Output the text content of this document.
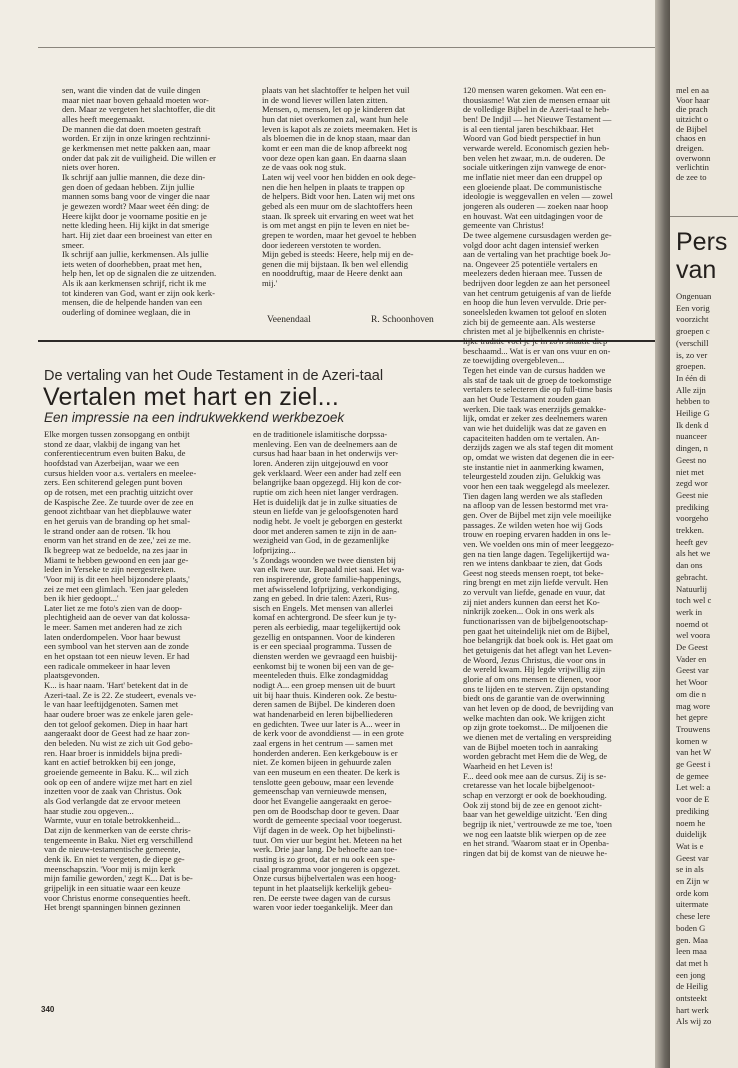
sen, want die vinden dat de vuile dingen

maar niet naar boven gehaald moeten wor-

den. Maar ze vergeten het slachtoffer, die dit

alles heeft meegemaakt.

De mannen die dat doen moeten gestraft

worden. Er zijn in onze kringen rechtzinni-

ge kerkmensen met nette pakken aan, maar

onder dat pak zit de vuiligheid. Die willen er

niets over horen.

Ik schrijf aan jullie mannen, die deze din-

gen doen of gedaan hebben. Zijn jullie

mannen soms bang voor de vinger die naar

je gewezen wordt? Maar weet één ding: de

Heere kijkt door je voorname positie en je

nette kleding heen. Hij kijkt in dat smerige

hart. Hij ziet daar een broeinest van etter en

smeer.

Ik schrijf aan jullie, kerkmensen. Als jullie

iets weten of doorhebben, praat met hen,

help hen, let op de signalen die ze uitzenden.

Als ik aan kerkmensen schrijf, richt ik me

tot kinderen van God, want er zijn ook kerk-

mensen, die de helpende handen van een

ouderling of dominee weglaan, die in

plaats van het slachtoffer te helpen het vuil

in de wond liever willen laten zitten.

Mensen, o, mensen, let op je kinderen dat

hun dat niet overkomen zal, want hun hele

leven is kapot als ze zoiets meemaken. Het is

als bloemen die in de knop staan, maar dan

komt er een man die de knop afbreekt nog

voor deze open kan gaan. En daarna slaan

ze de vaas ook nog stuk.

Laten wij veel voor hen bidden en ook dege-

nen die hen helpen in plaats te trappen op

de helpers. Bidt voor hen. Laten wij met ons

gebed als een muur om de slachtoffers heen

staan. Ik spreek uit ervaring en weet wat het

is om met angst en pijn te leven en niet be-

grepen te worden, maar het gevoel te hebben

door iedereen verstoten te worden.

Mijn gebed is steeds: Heere, help mij en de-

genen die mij bijstaan. Ik ben wel ellendig

en nooddruftig, maar de Heere denkt aan

mij.'

Veenendaal	R. Schoonhoven
De vertaling van het Oude Testament in de Azeri-taal
Vertalen met hart en ziel...
Een impressie na een indrukwekkend werkbezoek

Elke morgen tussen zonsopgang en ontbijt

stond ze daar, vlakbij de ingang van het

conferentiecentrum even buiten Baku, de

hoofdstad van Azerbeijan, waar we een

cursus hielden voor a.s. vertalers en meelee-

zers. Een schiterend gelegen punt boven

op de rotsen, met een prachtig uitzicht over

de Kaspische Zee. Ze tuurde over de zee en

genoot zichtbaar van het diepblauwe water

en het geruis van de branding op het smal-

le strand onder aan de rotsen. 'Ik hou

enorm van het strand en de zee,' zei ze me.

Ik begreep wat ze bedoelde, na zes jaar in

Miami te hebben gewoond en een jaar ge-

leden in Yerseke te zijn neergestreken.

'Voor mij is dit een heel bijzondere plaats,'

zei ze met een glimlach. 'Een jaar geleden

ben ik hier gedoopt...'

Later liet ze me foto's zien van de doop-

plechtigheid aan de oever van dat kolossa-

le meer. Samen met anderen had ze zich

laten onderdompelen. Voor haar bewust

een symbool van het sterven aan de zonde

en het opstaan tot een nieuw leven. Er had

een radicale ommekeer in haar leven

plaatsgevonden.

K... is haar naam. 'Hart' betekent dat in de

Azeri-taal. Ze is 22. Ze studeert, evenals ve-

le van haar leeftijdgenoten. Samen met

haar oudere broer was ze enkele jaren gele-

den tot geloof gekomen. Diep in haar hart

aangeraakt door de Geest had ze haar zon-

den beleden. Nu wist ze zich uit God gebo-

ren. Haar broer is inmiddels bijna predi-

kant en actief betrokken bij een jonge,

groeiende gemeente in Baku. K... wil zich

ook op een of andere wijze met hart en ziel

inzetten voor de zaak van Christus. Ook

als God verlangde dat ze ervoor meteen

haar studie zou opgeven...

Warmte, vuur en totale betrokkenheid...

Dat zijn de kenmerken van de eerste chris-

tengemeente in Baku. Niet erg verschillend

van de nieuw-testamentische gemeente,

denk ik. En niet te vergeten, de diepe ge-

meenschapszin. 'Voor mij is mijn kerk

mijn familie geworden,' zegt K... Dat is be-

grijpelijk in een situatie waar een keuze

voor Christus enorme consequenties heeft.

Het brengt spanningen binnen gezinnen

en de traditionele islamitische dorpssa-

menleving. Een van de deelnemers aan de

cursus had haar baan in het onderwijs ver-

loren. Anderen zijn uitgejouwd en voor

gek verklaard. Weer een ander had zelf een

belangrijke baan opgezegd. Hij kon de cor-

ruptie om zich heen niet langer verdragen.

Het is duidelijk dat je in zulke situaties de

steun en liefde van je geloofsgenoten hard

nodig hebt. Je voelt je geborgen en gesterkt

door met anderen samen te zijn in de aan-

wezigheid van God, in de gezamenlijke

lofprijzing...

's Zondags woonden we twee diensten bij

van elk twee uur. Bepaald niet saai. Het wa-

ren inspirerende, grote familie-happenings,

met afwisselend lofprijzing, verkondiging,

zang en gebed. In drie talen: Azeri, Rus-

sisch en Engels. Met mensen van allerlei

komaf en achtergrond. De sfeer kun je ty-

peren als eerbiedig, maar tegelijkertijd ook

gezellig en ontspannen. Voor de kinderen

is er een speciaal programma. Tussen de

diensten werden we gevraagd een huisbij-

eenkomst bij te wonen bij een van de ge-

meenteleden thuis. Elke zondagmiddag

nodigt A... een groep mensen uit de buurt

uit bij haar thuis. Kinderen ook. Ze bestu-

deren samen de Bijbel. De kinderen doen

wat handenarbeid en leren bijbelliederen

en gedichten. Twee uur later is A... weer in

de kerk voor de avonddienst — in een grote

zaal ergens in het centrum — samen met

honderden anderen. Een kerkgebouw is er

niet. Ze komen bijeen in gehuurde zalen

van een museum en een theater. De kerk is

tenslotte geen gebouw, maar een levende

gemeenschap van vernieuwde mensen,

door het Evangelie aangeraakt en geroe-

pen om de Boodschap door te geven. Daar

wordt de gemeente speciaal voor toegerust.

Vijf dagen in de week. Op het bijbelinsti-

tuut. Om vier uur begint het. Meteen na het

werk. Drie jaar lang. De behoefte aan toe-

rusting is zo groot, dat er nu ook een spe-

ciaal programma voor jongeren is opgezet.

Onze cursus bijbelvertalen was een hoog-

tepunt in het plaatselijk kerkelijk gebeu-

ren. De eerste twee dagen van de cursus

waren voor ieder toegankelijk. Meer dan

120 mensen waren gekomen. Wat een en-

thousiasme! Wat zien de mensen ernaar uit

de volledige Bijbel in de Azeri-taal te heb-

ben! De Indjil — het Nieuwe Testament —

is al een tiental jaren beschikbaar. Het

Woord van God biedt perspectief in hun

verwarde wereld. Economisch gezien heb-

ben velen het zwaar, m.n. de ouderen. De

sociale uitkeringen zijn vanwege de enor-

me inflatie niet meer dan een druppel op

een gloeiende plaat. De communistische

ideologie is weggevallen en velen — zowel

jongeren als ouderen — zoeken naar hoop

en houvast. Wat een uitdagingen voor de

gemeente van Christus!

De twee algemene cursusdagen werden ge-

volgd door acht dagen intensief werken

aan de vertaling van het prachtige boek Jo-

na. Ongeveer 25 potentiële vertalers en

meelezers deden hieraan mee. Tussen de

bedrijven door legden ze aan het personeel

van het centrum getuigenis af van de liefde

en hoop die hun leven vervulde. Drie per-

soneelsleden kwamen tot geloof en sloten

zich bij de gemeente aan. Als westerse

christen met al je bijbelkennis en christe-

lijke traditie voel je je in zo'n situatie diep

beschaamd... Wat is er van ons vuur en on-

ze toewijding overgebleven...

Tegen het einde van de cursus hadden we

als staf de taak uit de groep de toekomstige

vertalers te selecteren die op full-time basis

aan het Oude Testament zouden gaan

werken. Die taak was enerzijds gemakke-

lijk, omdat er zeker zes deelnemers waren

van wie het duidelijk was dat ze gaven en

capaciteiten hadden om te vertalen. An-

derzijds zagen we als staf tegen dit moment

op, omdat we wisten dat degenen die in eer-

ste instantie niet in aanmerking kwamen,

teleurgesteld zouden zijn. Gelukkig was

voor hen een taak weggelegd als meelezer.

Tien dagen lang werden we als stafleden

na afloop van de lessen bestormd met vra-

gen. Over de Bijbel met zijn vele moeilijke

passages. Ze wilden weten hoe wij Gods

trouw en roeping ervaren hadden in ons le-

ven. We voelden ons min of meer leeggezo-

gen na tien lange dagen. Tegelijkertijd wa-

ren we intens dankbaar te zien, dat Gods

Geest nog steeds mensen roept, tot beke-

ring brengt en met zijn liefde vervult. Hen

zo vervult van liefde, genade en vuur, dat

zij niet anders kunnen dan eerst het Ko-

ninkrijk zoeken... Ook in ons werk als

functionarissen van de bijbelgenootschap-

pen gaat het uiteindelijk niet om de Bijbel,

hoe belangrijk dat boek ook is. Het gaat om

het getuigenis dat het aflegt van het Leven-

de Woord, Jezus Christus, die voor ons in

de wereld kwam. Hij legde vrijwillig zijn

glorie af om ons mensen te dienen, voor

ons te lijden en te sterven. Zijn opstanding

biedt ons de garantie van de overwinning

van het leven op de dood, de bevrijding van

welke machten dan ook. We krijgen zicht

op zijn grote toekomst... De miljoenen die

we dienen met de vertaling en verspreiding

van de Bijbel moeten toch in aanraking

worden gebracht met Hem die de Weg, de

Waarheid en het Leven is!

F... deed ook mee aan de cursus. Zij is se-

cretaresse van het locale bijbelgenoot-

schap en verzorgt er ook de boekhouding.

Ook zij stond bij de zee en genoot zicht-

baar van het geweldige uitzicht. 'Een ding

begrijp ik niet,' vertrouwde ze me toe, 'toen

we nog een laatste blik wierpen op de zee

en het strand. 'Waarom staat er in Openba-

ringen dat bij de komst van de nieuwe he-

340
mel en aa
Voor haar
die prach
uitzicht o
de Bijbel
chaos en
dreigen.
overwonn
verlichtin
de zee to
Pers
van
Ongenuan
Een vorig
voorzicht
groepen c
(verschill
is, zo ver
groepen.
In één di
Alle zijn
hebben to
Heilige G
Ik denk d
nuanceer
dingen, n
Geest no
niet met
zegd wor
Geest nie
prediking
voorgeho
trekken.
heeft gev
als het we
dan ons
gebracht.
Natuurlij
toch wel c
werk in
noemd ot
wel voora
De Geest
Vader en
Geest var
het Woor
om die n
mag wore
het gepre
Trouwens
komen w
van het W
ge Geest i
de gemee
Let wel: a
voor de E
prediking
noem he
duidelijk
Wat is e
Geest var
se in als
en Zijn w
orde kom
uitermate
chese lere
boden G
gen. Maa
leen maa
dat met h
een jong
de Heilig
ontsteekt
hart werk
Als wij zo
